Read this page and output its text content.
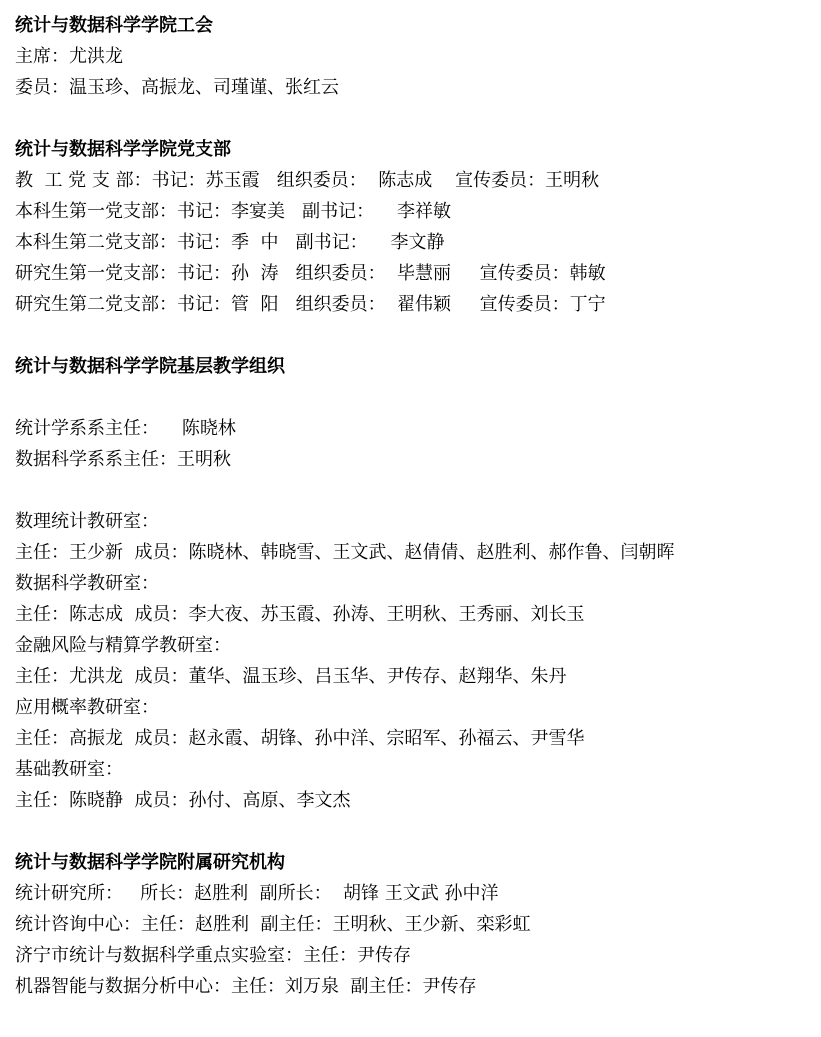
统计与数据科学学院工会
主席：尤洪龙
委员：温玉珍、高振龙、司瑾谨、张红云
统计与数据科学学院党支部
教  工 党 支 部：书记：苏玉霞   组织委员：  陈志成    宣传委员：王明秋
本科生第一党支部：书记：李宴美   副书记：    李祥敏
本科生第二党支部：书记：季  中   副书记：    李文静
研究生第一党支部：书记：孙  涛   组织委员：  毕慧丽     宣传委员：韩敏
研究生第二党支部：书记：管  阳   组织委员：  翟伟颖     宣传委员：丁宁
统计与数据科学学院基层教学组织
统计学系系主任：    陈晓林
数据科学系系主任：王明秋
数理统计教研室：
主任：王少新  成员：陈晓林、韩晓雪、王文武、赵倩倩、赵胜利、郝作鲁、闫朝晖
数据科学教研室：
主任：陈志成  成员：李大夜、苏玉霞、孙涛、王明秋、王秀丽、刘长玉
金融风险与精算学教研室：
主任：尤洪龙  成员：董华、温玉珍、吕玉华、尹传存、赵翔华、朱丹
应用概率教研室：
主任：高振龙  成员：赵永霞、胡锋、孙中洋、宗昭军、孙福云、尹雪华
基础教研室：
主任：陈晓静  成员：孙付、高原、李文杰
统计与数据科学学院附属研究机构
统计研究所：   所长：赵胜利  副所长：  胡锋 王文武 孙中洋
统计咨询中心：主任：赵胜利  副主任：王明秋、王少新、栾彩虹
济宁市统计与数据科学重点实验室：主任：尹传存
机器智能与数据分析中心：主任：刘万泉  副主任：尹传存
